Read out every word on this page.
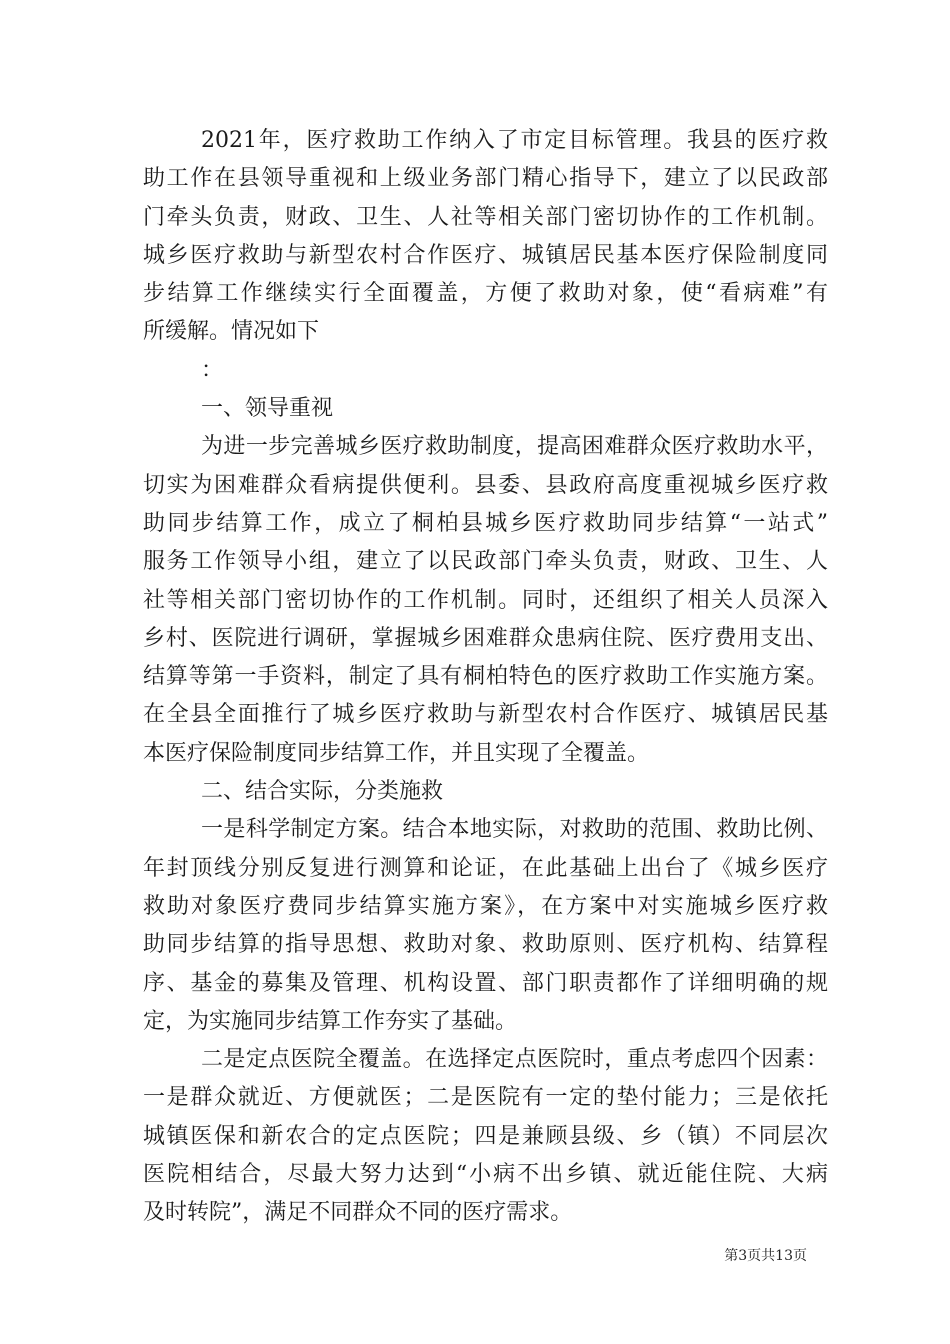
2021年，医疗救助工作纳入了市定目标管理。我县的医疗救
助工作在县领导重视和上级业务部门精心指导下，建立了以民政部
门牵头负责，财政、卫生、人社等相关部门密切协作的工作机制。
城乡医疗救助与新型农村合作医疗、城镇居民基本医疗保险制度同
步结算工作继续实行全面覆盖，方便了救助对象，使“看病难”有
所缓解。情况如下
：
一、领导重视
为进一步完善城乡医疗救助制度，提高困难群众医疗救助水平，
切实为困难群众看病提供便利。县委、县政府高度重视城乡医疗救
助同步结算工作，成立了桐柏县城乡医疗救助同步结算“一站式”
服务工作领导小组，建立了以民政部门牵头负责，财政、卫生、人
社等相关部门密切协作的工作机制。同时，还组织了相关人员深入
乡村、医院进行调研，掌握城乡困难群众患病住院、医疗费用支出、
结算等第一手资料，制定了具有桐柏特色的医疗救助工作实施方案。
在全县全面推行了城乡医疗救助与新型农村合作医疗、城镇居民基
本医疗保险制度同步结算工作，并且实现了全覆盖。
二、结合实际，分类施救
一是科学制定方案。结合本地实际，对救助的范围、救助比例、
年封顶线分别反复进行测算和论证，在此基础上出台了《城乡医疗
救助对象医疗费同步结算实施方案》，在方案中对实施城乡医疗救
助同步结算的指导思想、救助对象、救助原则、医疗机构、结算程
序、基金的募集及管理、机构设置、部门职责都作了详细明确的规
定，为实施同步结算工作夯实了基础。
二是定点医院全覆盖。在选择定点医院时，重点考虑四个因素：
一是群众就近、方便就医；二是医院有一定的垫付能力；三是依托
城镇医保和新农合的定点医院；四是兼顾县级、乡（镇）不同层次
医院相结合，尽最大努力达到“小病不出乡镇、就近能住院、大病
及时转院”，满足不同群众不同的医疗需求。
第3页共13页
